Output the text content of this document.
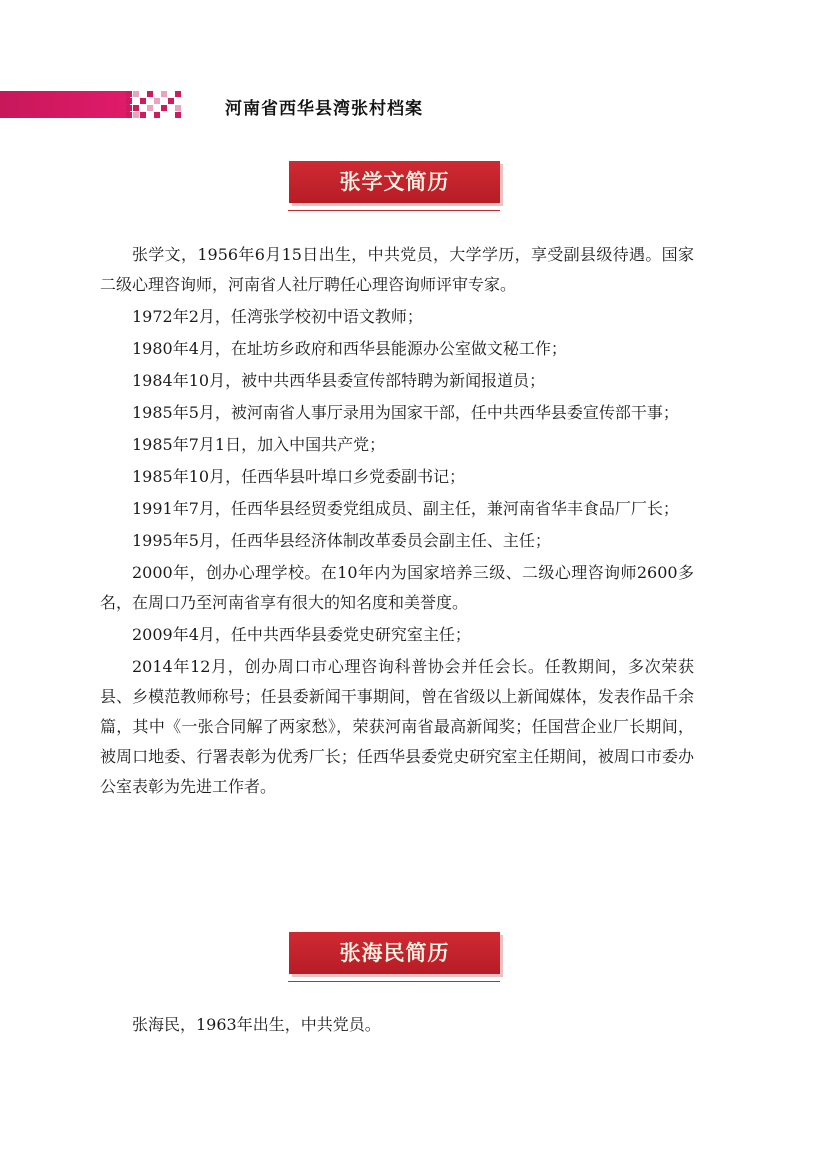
河南省西华县湾张村档案
张学文简历

张学文，1956年6月15日出生，中共党员，大学学历，享受副县级待遇。国家二级心理咨询师，河南省人社厅聘任心理咨询师评审专家。

1972年2月，任湾张学校初中语文教师；

1980年4月，在址坊乡政府和西华县能源办公室做文秘工作；

1984年10月，被中共西华县委宣传部特聘为新闻报道员；

1985年5月，被河南省人事厅录用为国家干部，任中共西华县委宣传部干事；

1985年7月1日，加入中国共产党；

1985年10月，任西华县叶埠口乡党委副书记；

1991年7月，任西华县经贸委党组成员、副主任，兼河南省华丰食品厂厂长；

1995年5月，任西华县经济体制改革委员会副主任、主任；

2000年，创办心理学校。在10年内为国家培养三级、二级心理咨询师2600多名，在周口乃至河南省享有很大的知名度和美誉度。

2009年4月，任中共西华县委党史研究室主任；

2014年12月，创办周口市心理咨询科普协会并任会长。任教期间，多次荣获县、乡模范教师称号；任县委新闻干事期间，曾在省级以上新闻媒体，发表作品千余篇，其中《一张合同解了两家愁》，荣获河南省最高新闻奖；任国营企业厂长期间，被周口地委、行署表彰为优秀厂长；任西华县委党史研究室主任期间，被周口市委办公室表彰为先进工作者。

张海民简历

张海民，1963年出生，中共党员。
